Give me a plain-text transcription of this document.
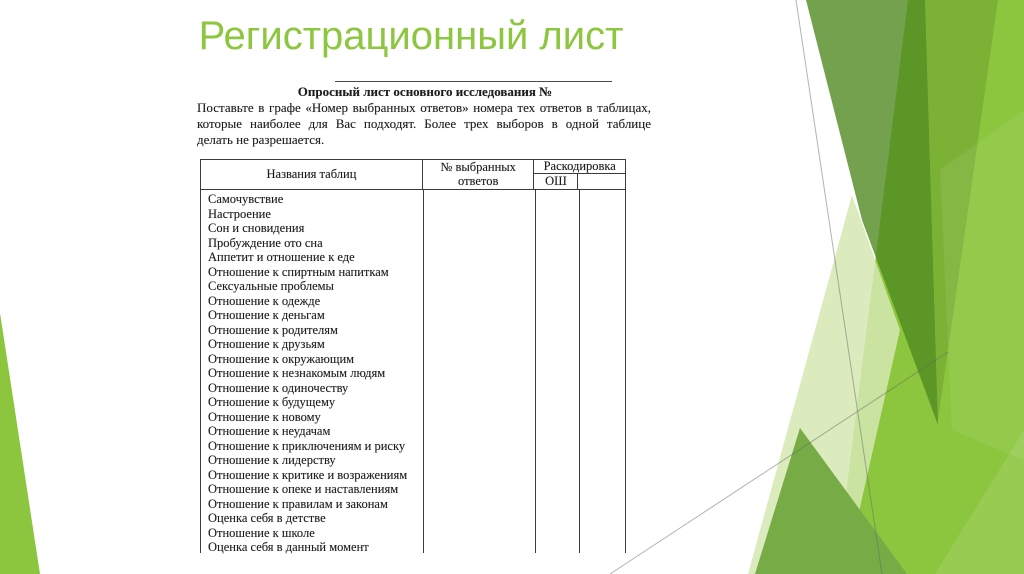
Регистрационный лист
Опросный лист основного исследования №
Поставьте в графе «Номер выбранных ответов» номера тех ответов в таблицах,
которые наиболее для Вас подходят. Более трех выборов в одной таблице
делать не разрешается.
Названия таблиц	№ выбранных ответов
Раскодировка
ОШ
Самочувствие
Настроение
Сон и сновидения
Пробуждение ото сна
Аппетит и отношение к еде
Отношение к спиртным напиткам
Сексуальные проблемы
Отношение к одежде
Отношение к деньгам
Отношение к родителям
Отношение к друзьям
Отношение к окружающим
Отношение к незнакомым людям
Отношение к одиночеству
Отношение к будущему
Отношение к новому
Отношение к неудачам
Отношение к приключениям и риску
Отношение к лидерству
Отношение к критике и возражениям
Отношение к опеке и наставлениям
Отношение к правилам и законам
Оценка себя в детстве
Отношение к школе
Оценка себя в данный момент
